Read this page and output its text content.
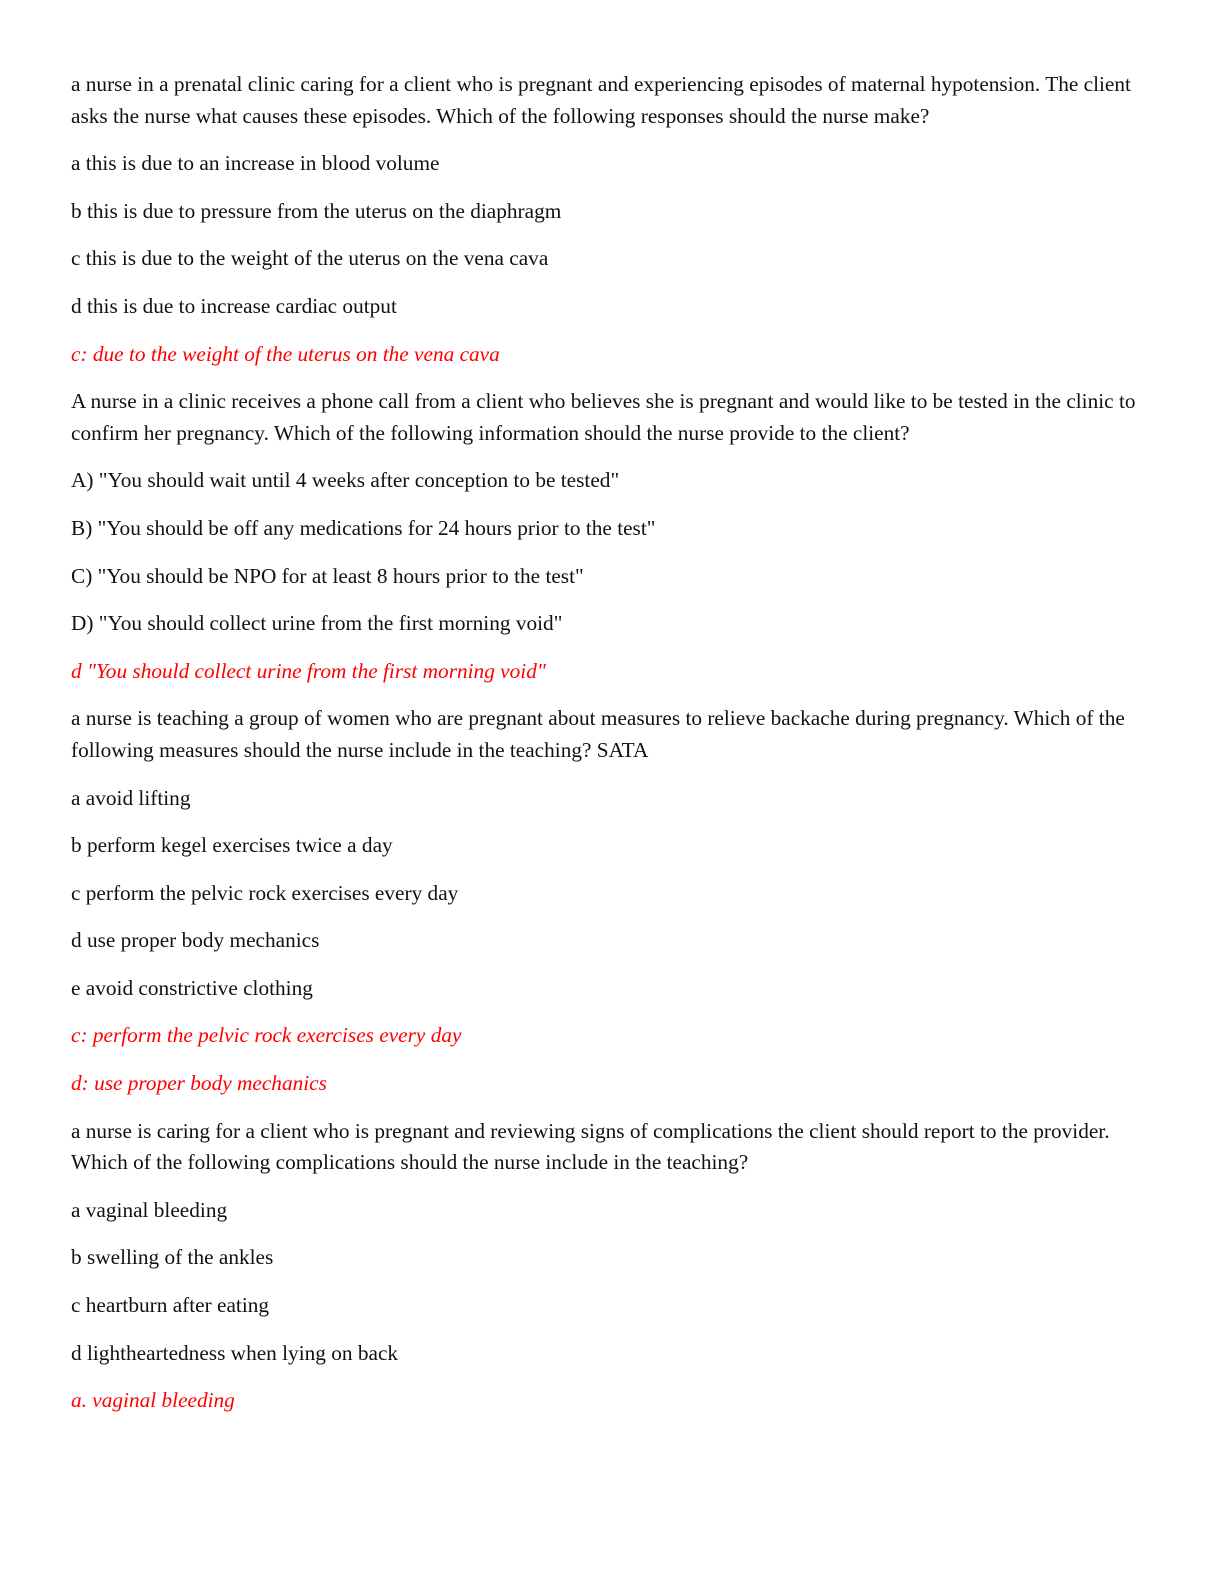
a nurse in a prenatal clinic caring for a client who is pregnant and experiencing episodes of maternal hypotension. The client asks the nurse what causes these episodes. Which of the following responses should the nurse make?

a this is due to an increase in blood volume

b this is due to pressure from the uterus on the diaphragm

c this is due to the weight of the uterus on the vena cava

d this is due to increase cardiac output

c: due to the weight of the uterus on the vena cava

A nurse in a clinic receives a phone call from a client who believes she is pregnant and would like to be tested in the clinic to confirm her pregnancy. Which of the following information should the nurse provide to the client?

A) "You should wait until 4 weeks after conception to be tested"

B) "You should be off any medications for 24 hours prior to the test"

C) "You should be NPO for at least 8 hours prior to the test"

D) "You should collect urine from the first morning void"

d "You should collect urine from the first morning void"

a nurse is teaching a group of women who are pregnant about measures to relieve backache during pregnancy. Which of the following measures should the nurse include in the teaching? SATA

a avoid lifting

b perform kegel exercises twice a day

c perform the pelvic rock exercises every day

d use proper body mechanics

e avoid constrictive clothing

c: perform the pelvic rock exercises every day

d: use proper body mechanics

a nurse is caring for a client who is pregnant and reviewing signs of complications the client should report to the provider. Which of the following complications should the nurse include in the teaching?

a vaginal bleeding

b swelling of the ankles

c heartburn after eating

d lightheartedness when lying on back

a. vaginal bleeding
